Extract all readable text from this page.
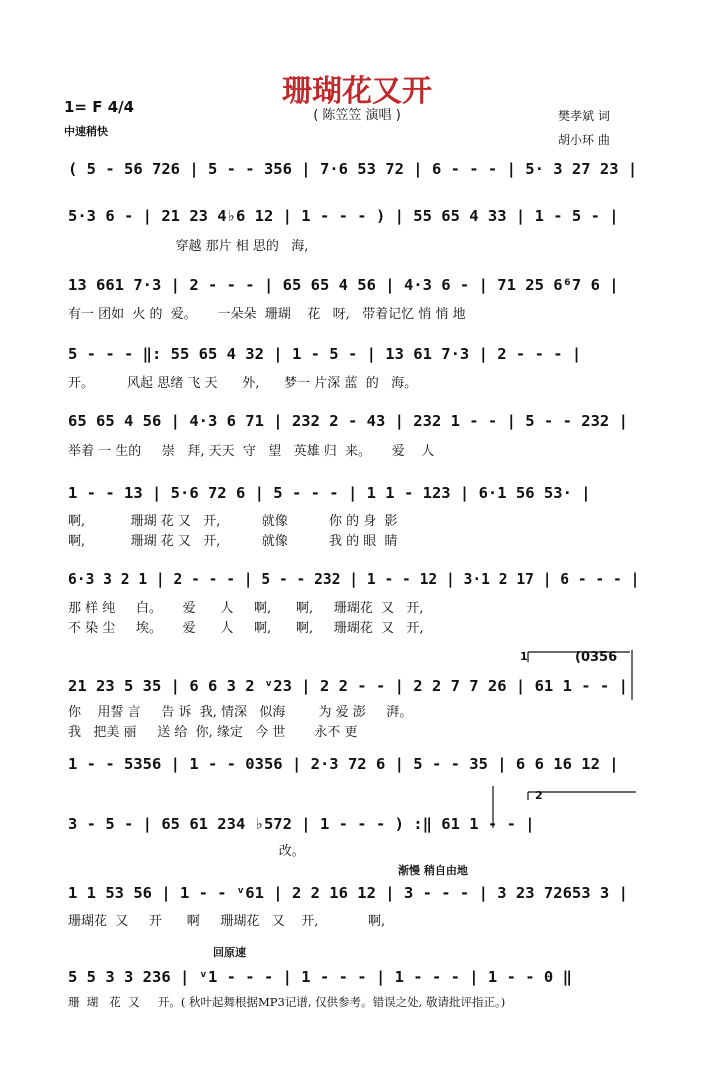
珊瑚花又开
( 陈笠笠 演唱 )
1= F 4/4
中速稍快
樊孝斌 词
胡小环 曲
( 5 - 56 726 | 5 - - 356 | 7·6 53 72 | 6 - - - | 5· 3 27 23 |
5·3 6 - | 21 23 4♭6 12 | 1 - - - ) | 55 65 4 33 | 1 - 5 - |
穿越 那片 相 思的   海,
13 661 7·3 | 2 - - - | 65 65 4 56 | 4·3 6 - | 71 25 6⁶7 6 |
有一 团如  火 的  爱。     一朵朵  珊瑚    花   呀,   带着记忆 悄 悄 地
5 - - - ‖: 55 65 4 32 | 1 - 5 - | 13 61 7·3 | 2 - - - |
开。        风起 思绪 飞 天      外,      梦一 片深 蓝  的   海。
65 65 4 56 | 4·3 6 71 | 232 2 - 43 | 232 1 - - | 5 - - 232 |
举着 一 生的     崇   拜, 天天  守   望   英雄 归  来。     爱    人
1 - - 13 | 5·6 72 6 | 5 - - - | 1 1 - 123 | 6·1 56 53· |
啊,           珊瑚 花 又   开,          就像          你 的 身  影
啊,           珊瑚 花 又   开,          就像          我 的 眼  睛
6·3 3 2 1 | 2 - - - | 5 - - 232 | 1 - - 12 | 3·1 2 17 | 6 - - - |
那 样 纯     白。     爱      人     啊,      啊,     珊瑚花  又   开,
不 染 尘     埃。     爱      人     啊,      啊,     珊瑚花  又   开,
1	(0356
21 23 5 35 | 6 6 3 2 ᵛ23 | 2 2 - - | 2 2 7 7 26 | 61 1 - - |
你    用誓 言     告 诉  我, 情深   似海        为 爱 澎     湃。
我   把美 丽     送 给  你, 缘定   今 世       永不 更
1 - - 5356 | 1 - - 0356 | 2·3 72 6 | 5 - - 35 | 6 6 16 12 |
2
3 - 5 - | 65 61 234 ♭572 | 1 - - - ) :‖ 61 1 - - |
改。
渐慢 稍自由地
1 1 53 56 | 1 - - ᵛ61 | 2 2 16 12 | 3 - - - | 3 23 72653 3 |
珊瑚花  又     开      啊     珊瑚花   又    开,            啊,
回原速
5 5 3 3 236 | ᵛ1 - - - | 1 - - - | 1 - - - | 1 - - 0 ‖
珊  瑚   花  又     开。( 秋叶起舞根据MP3记谱, 仅供参考。错误之处, 敬请批评指正。)
